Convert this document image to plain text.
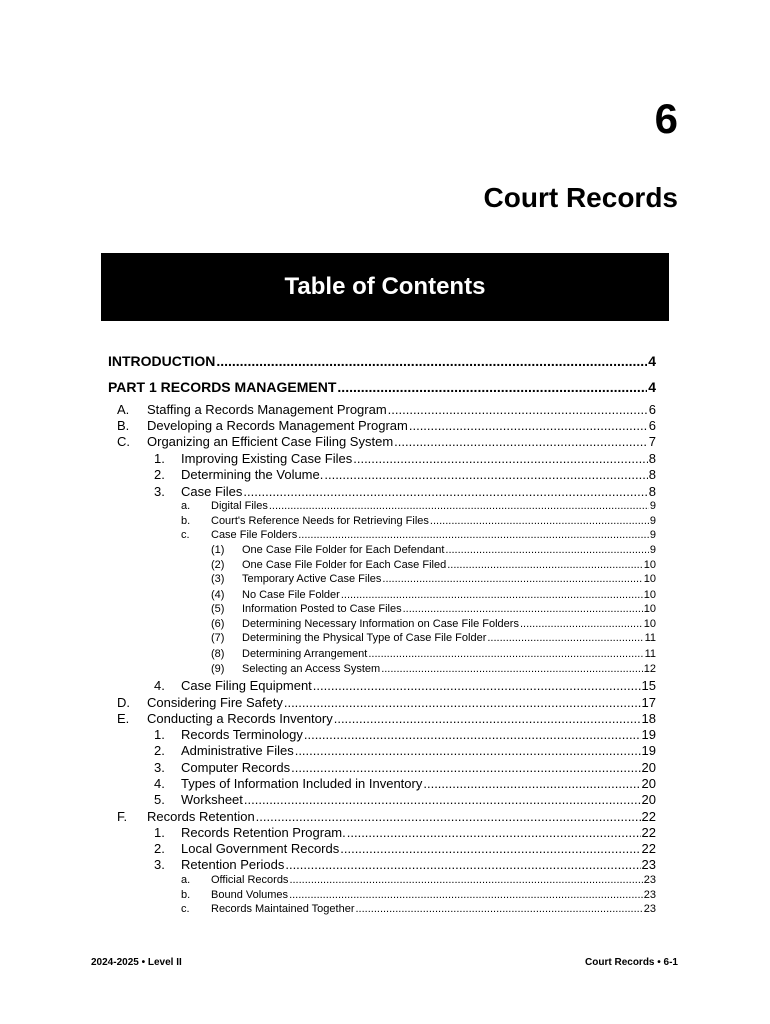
6
Court Records
Table of Contents
INTRODUCTION .....	4
PART 1 RECORDS MANAGEMENT .....	4
A.	Staffing a Records Management Program .....	6
B.	Developing a Records Management Program .....	6
C.	Organizing an Efficient Case Filing System .....	7
1.	Improving Existing Case Files .....	8
2.	Determining the Volume. .....	8
3.	Case Files .....	8
a.	Digital Files .....	9
b.	Court's Reference Needs for Retrieving Files .....	9
c.	Case File Folders .....	9
(1)	One Case File Folder for Each Defendant .....	9
(2)	One Case File Folder for Each Case Filed .....	10
(3)	Temporary Active Case Files .....	10
(4)	No Case File Folder .....	10
(5)	Information Posted to Case Files .....	10
(6)	Determining Necessary Information on Case File Folders .....	10
(7)	Determining the Physical Type of Case File Folder .....	11
(8)	Determining Arrangement .....	11
(9)	Selecting an Access System .....	12
4.	Case Filing Equipment .....	15
D.	Considering Fire Safety .....	17
E.	Conducting a Records Inventory .....	18
1.	Records Terminology .....	19
2.	Administrative Files .....	19
3.	Computer Records .....	20
4.	Types of Information Included in Inventory .....	20
5.	Worksheet .....	20
F.	Records Retention .....	22
1.	Records Retention Program. .....	22
2.	Local Government Records .....	22
3.	Retention Periods .....	23
a.	Official Records .....	23
b.	Bound Volumes .....	23
c.	Records Maintained Together .....	23
2024-2025 • Level II	Court Records • 6-1
